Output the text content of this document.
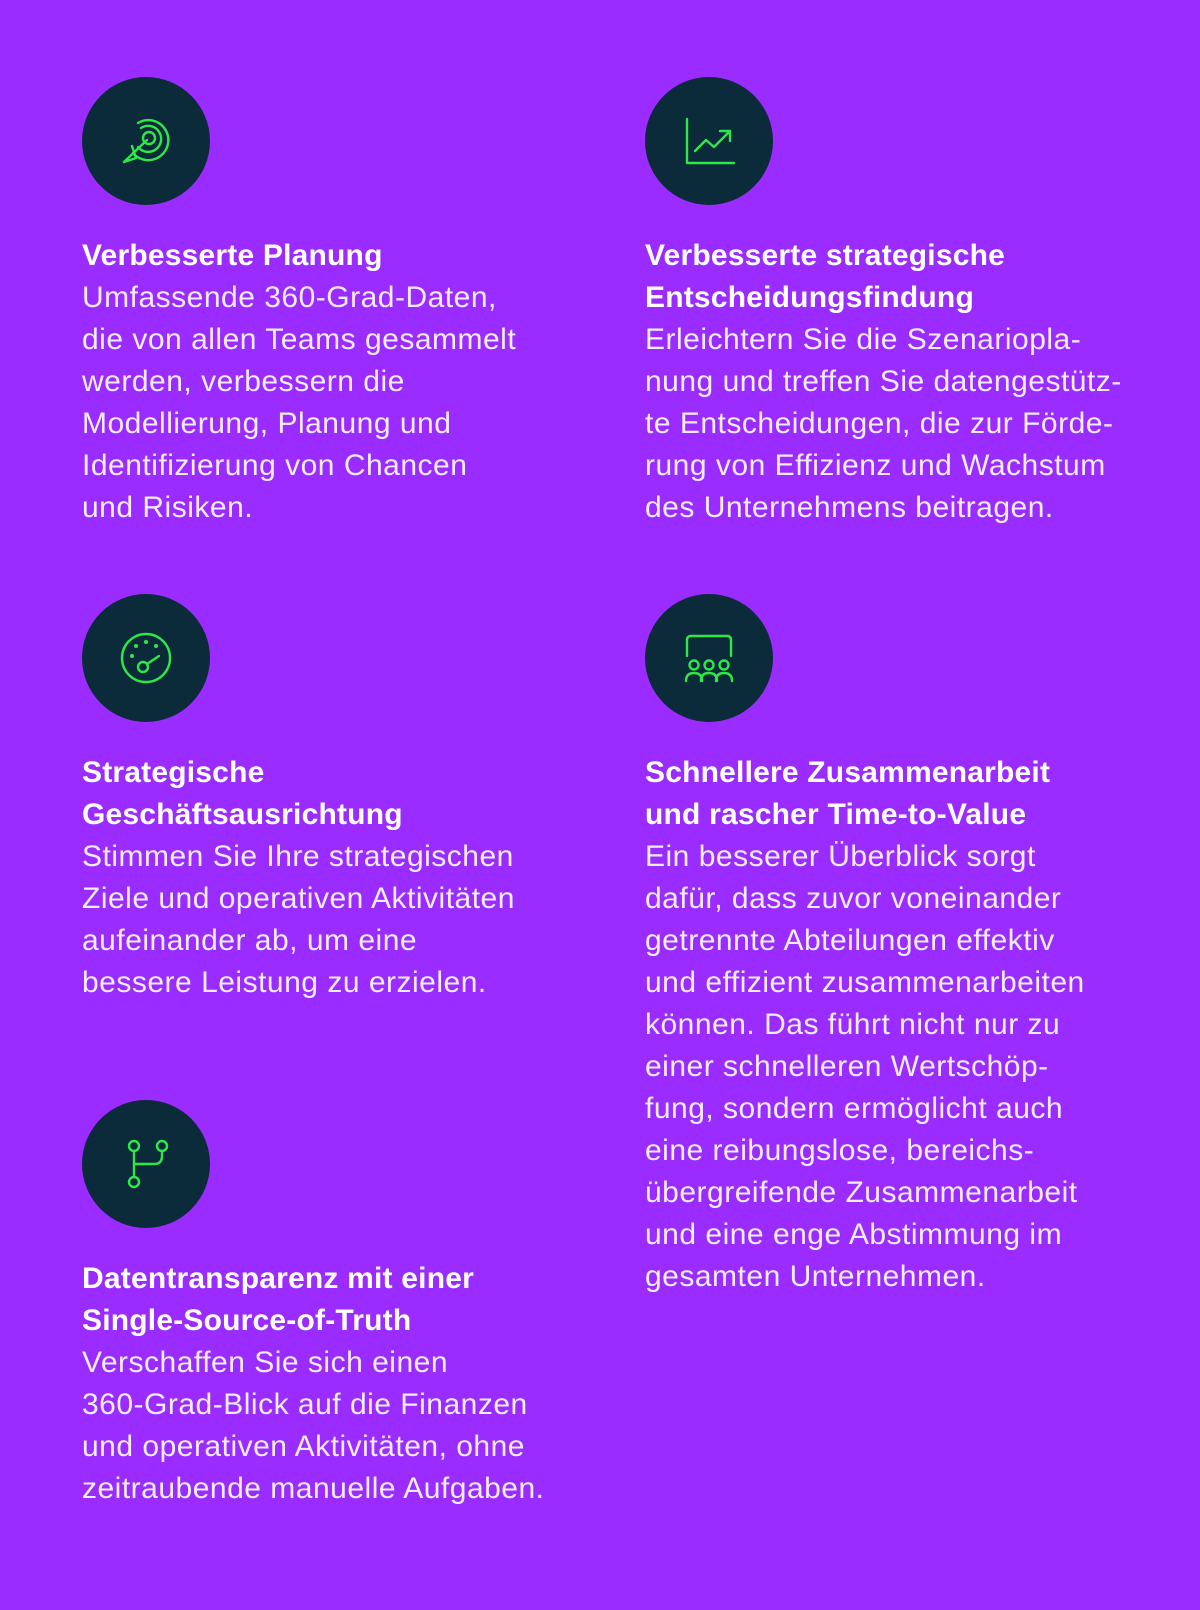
Verbesserte Planung

Umfassende 360-Grad-Daten,
die von allen Teams gesammelt
werden, verbessern die
Modellierung, Planung und
Identifizierung von Chancen
und Risiken.

Verbesserte strategische
Entscheidungsfindung

Erleichtern Sie die Szenariopla-
nung und treffen Sie datengestütz-
te Entscheidungen, die zur Förde-
rung von Effizienz und Wachstum
des Unternehmens beitragen.

Strategische
Geschäftsausrichtung

Stimmen Sie Ihre strategischen
Ziele und operativen Aktivitäten
aufeinander ab, um eine
bessere Leistung zu erzielen.

Schnellere Zusammenarbeit
und rascher Time-to-Value

Ein besserer Überblick sorgt
dafür, dass zuvor voneinander
getrennte Abteilungen effektiv
und effizient zusammenarbeiten
können. Das führt nicht nur zu
einer schnelleren Wertschöp-
fung, sondern ermöglicht auch
eine reibungslose, bereichs-
übergreifende Zusammenarbeit
und eine enge Abstimmung im
gesamten Unternehmen.

Datentransparenz mit einer
Single-Source-of-Truth

Verschaffen Sie sich einen
360-Grad-Blick auf die Finanzen
und operativen Aktivitäten, ohne
zeitraubende manuelle Aufgaben.
